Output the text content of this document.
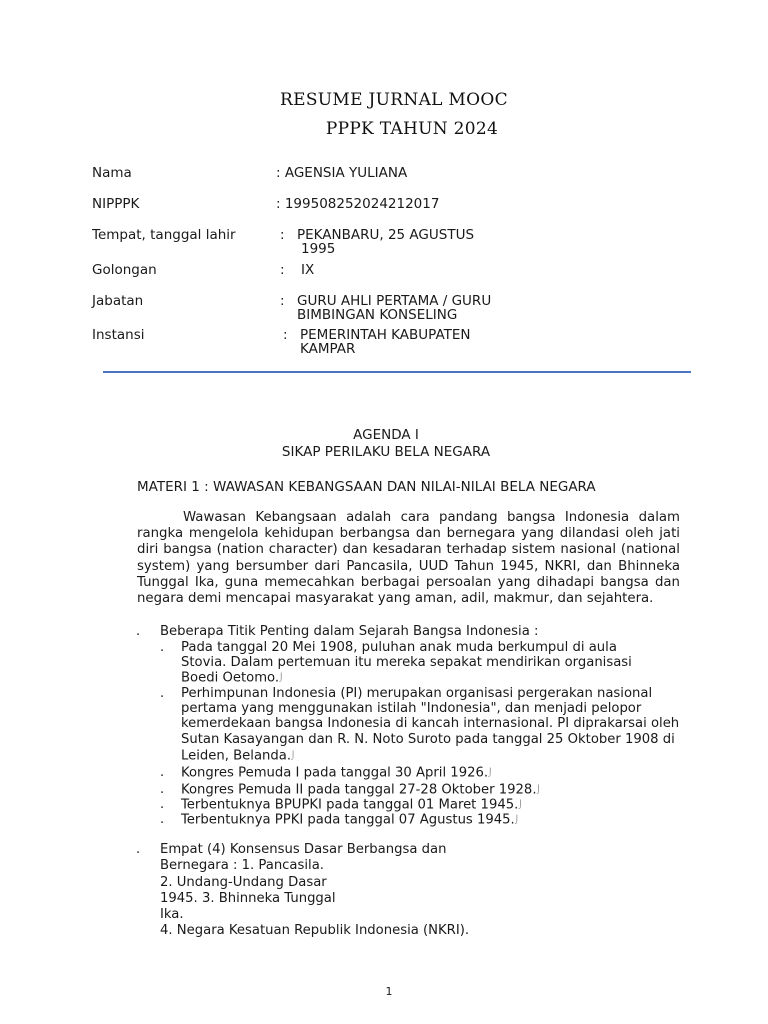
RESUME JURNAL MOOC
PPPK TAHUN 2024
Nama	: AGENSIA YULIANA
NIPPPK	: 199508252024212017
Tempat, tanggal lahir	: PEKANBARU, 25 AGUSTUS
1995
Golongan	: IX
Jabatan	: GURU AHLI PERTAMA / GURU
BIMBINGAN KONSELING
Instansi	: PEMERINTAH KABUPATEN
KAMPAR
AGENDA I
SIKAP PERILAKU BELA NEGARA
MATERI 1 : WAWASAN KEBANGSAAN DAN NILAI-NILAI BELA NEGARA
Wawasan Kebangsaan adalah cara pandang bangsa Indonesia dalam rangka mengelola kehidupan berbangsa dan bernegara yang dilandasi oleh jati diri bangsa (nation character) dan kesadaran terhadap sistem nasional (national system) yang bersumber dari Pancasila, UUD Tahun 1945, NKRI, dan Bhinneka Tunggal Ika, guna memecahkan berbagai persoalan yang dihadapi bangsa dan negara demi mencapai masyarakat yang aman, adil, makmur, dan sejahtera.
. Beberapa Titik Penting dalam Sejarah Bangsa Indonesia :
. Pada tanggal 20 Mei 1908, puluhan anak muda berkumpul di aula
Stovia. Dalam pertemuan itu mereka sepakat mendirikan organisasi
Boedi Oetomo.⌡
. Perhimpunan Indonesia (PI) merupakan organisasi pergerakan nasional
pertama yang menggunakan istilah "Indonesia", dan menjadi pelopor
kemerdekaan bangsa Indonesia di kancah internasional. PI diprakarsai oleh
Sutan Kasayangan dan R. N. Noto Suroto pada tanggal 25 Oktober 1908 di
Leiden, Belanda.⌡
. Kongres Pemuda I pada tanggal 30 April 1926.⌡
. Kongres Pemuda II pada tanggal 27-28 Oktober 1928.⌡
. Terbentuknya BPUPKI pada tanggal 01 Maret 1945.⌡
. Terbentuknya PPKI pada tanggal 07 Agustus 1945.⌡
. Empat (4) Konsensus Dasar Berbangsa dan
Bernegara : 1. Pancasila.
2. Undang-Undang Dasar
1945. 3. Bhinneka Tunggal
Ika.
4. Negara Kesatuan Republik Indonesia (NKRI).
1
